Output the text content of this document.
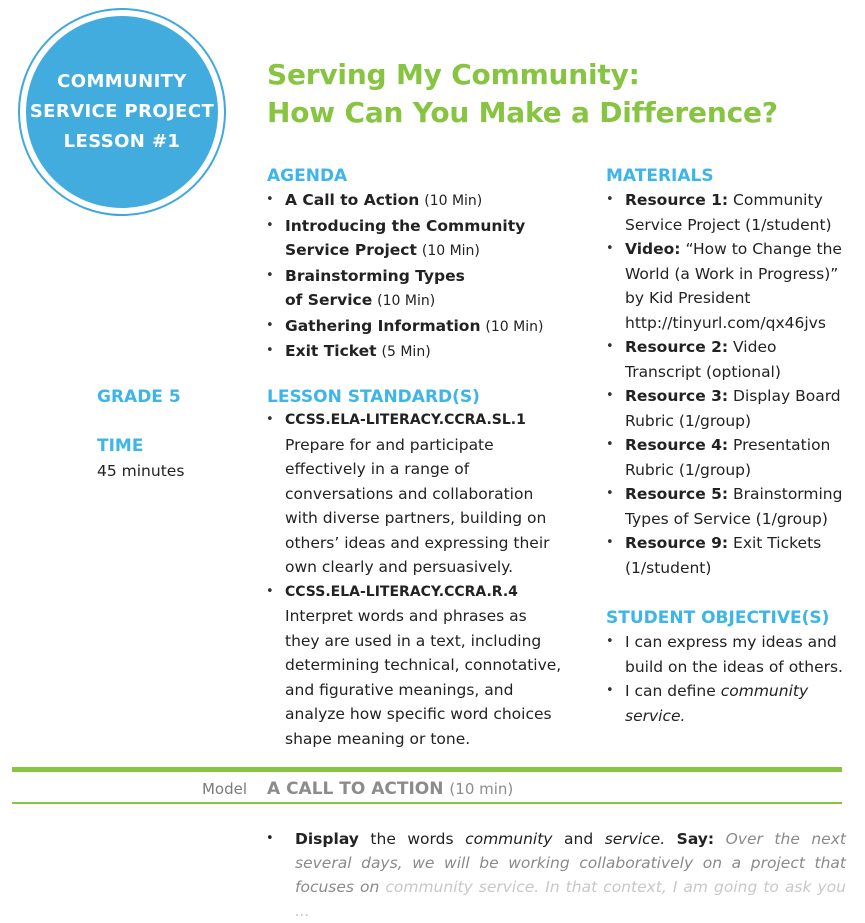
COMMUNITY
SERVICE PROJECT
LESSON #1
Serving My Community:
How Can You Make a Difference?
AGENDA
• A Call to Action (10 Min)
• Introducing the Community
Service Project (10 Min)
• Brainstorming Types
of Service (10 Min)
• Gathering Information (10 Min)
• Exit Ticket (5 Min)
GRADE 5
TIME
45 minutes
LESSON STANDARD(S)
• CCSS.ELA-LITERACY.CCRA.SL.1
Prepare for and participate effectively in a range of conversations and collaboration with diverse partners, building on others’ ideas and expressing their own clearly and persuasively.
• CCSS.ELA-LITERACY.CCRA.R.4
Interpret words and phrases as they are used in a text, including determining technical, connotative, and figurative meanings, and analyze how specific word choices shape meaning or tone.
MATERIALS
• Resource 1: Community Service Project (1/student)
• Video: “How to Change the World (a Work in Progress)” by Kid President
http://tinyurl.com/qx46jvs
• Resource 2: Video Transcript (optional)
• Resource 3: Display Board Rubric (1/group)
• Resource 4: Presentation Rubric (1/group)
• Resource 5: Brainstorming Types of Service (1/group)
• Resource 9: Exit Tickets (1/student)
STUDENT OBJECTIVE(S)
• I can express my ideas and build on the ideas of others.
• I can define community service.
Model A CALL TO ACTION (10 min)
• Display the words community and service. Say: Over the next several days, we will be working collaboratively on a project that focuses on community service. In that context, I am going to ask you ...
